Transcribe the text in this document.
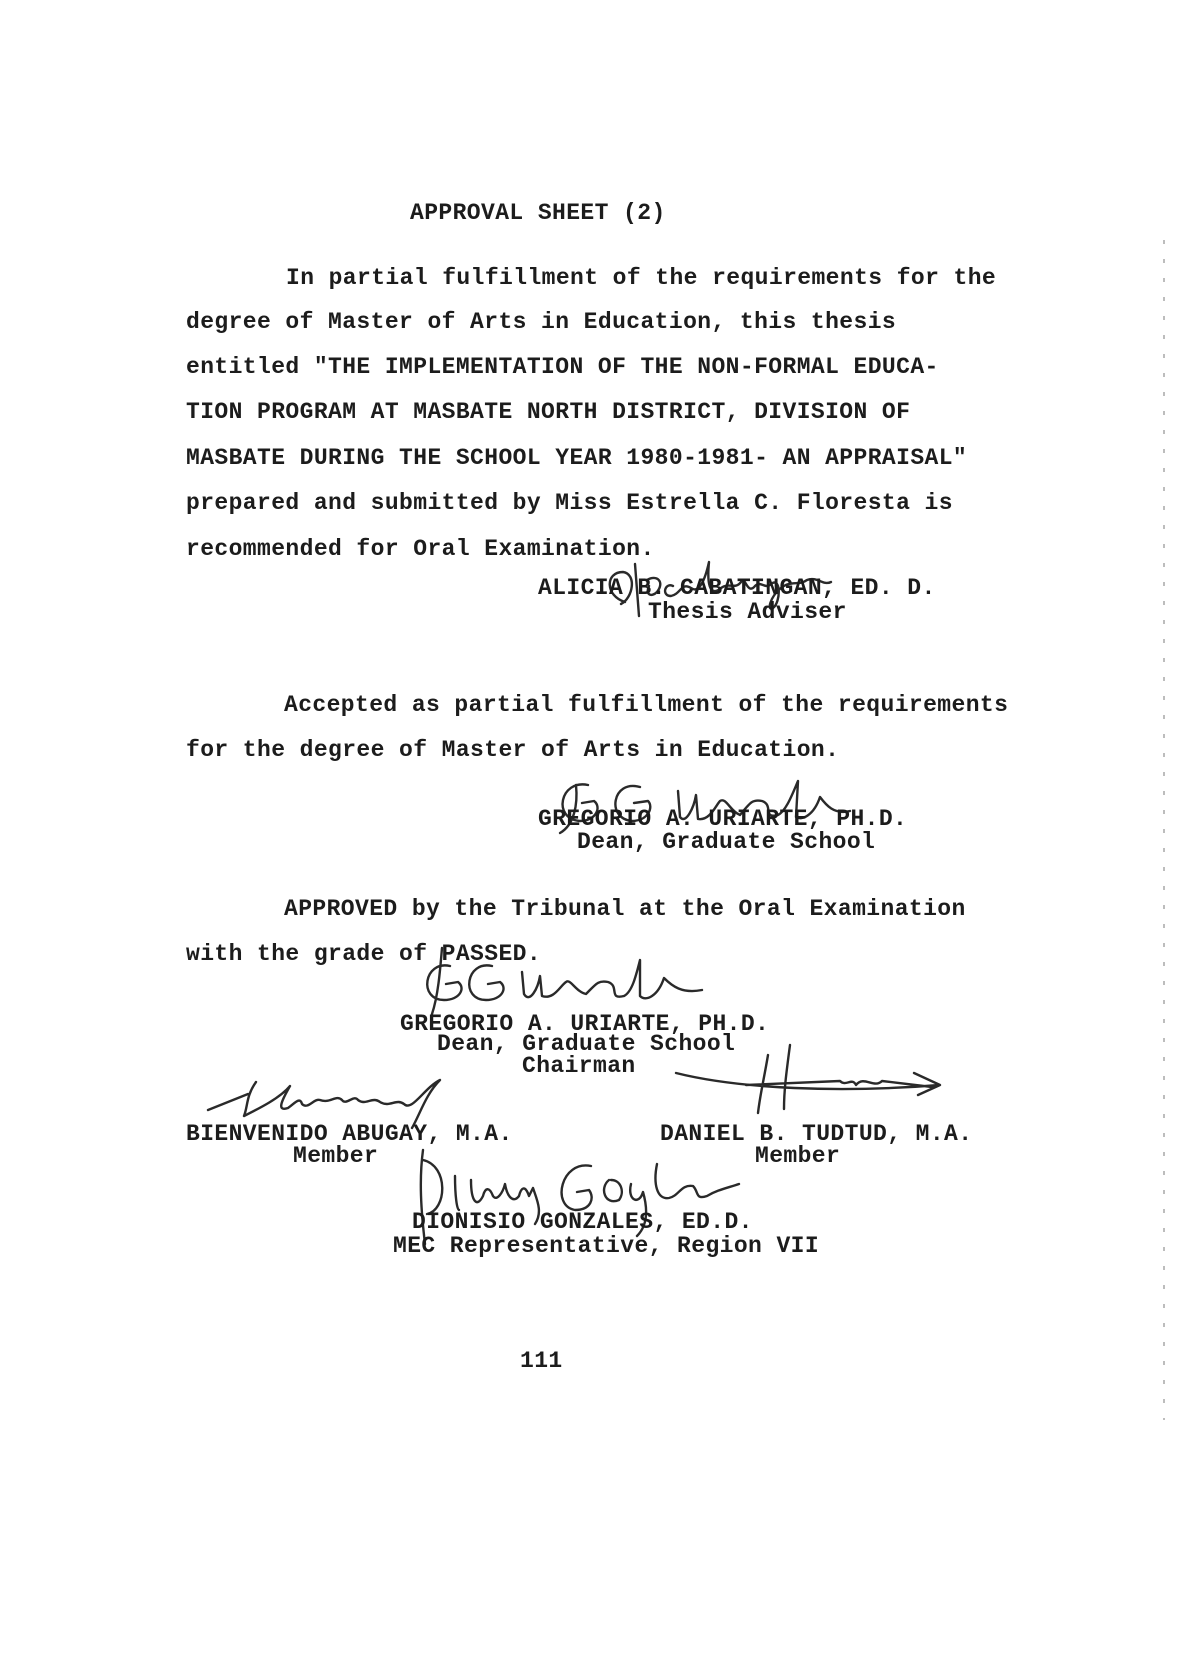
APPROVAL SHEET (2)
In partial fulfillment of the requirements for the
degree of Master of Arts in Education, this thesis
entitled "THE IMPLEMENTATION OF THE NON-FORMAL EDUCA-
TION PROGRAM AT MASBATE NORTH DISTRICT, DIVISION OF
MASBATE DURING THE SCHOOL YEAR 1980-1981- AN APPRAISAL"
prepared and submitted by Miss Estrella C. Floresta is
recommended for Oral Examination.
ALICIA B. CABATINGAN, ED. D.
Thesis Adviser
Accepted as partial fulfillment of the requirements
for the degree of Master of Arts in Education.
GREGORIO A. URIARTE, PH.D.
Dean, Graduate School
APPROVED by the Tribunal at the Oral Examination
with the grade of PASSED.
GREGORIO A. URIARTE, PH.D.
Dean, Graduate School
Chairman
BIENVENIDO ABUGAY, M.A.
Member
DANIEL B. TUDTUD, M.A.
Member
DIONISIO GONZALES, ED.D.
MEC Representative, Region VII
111
